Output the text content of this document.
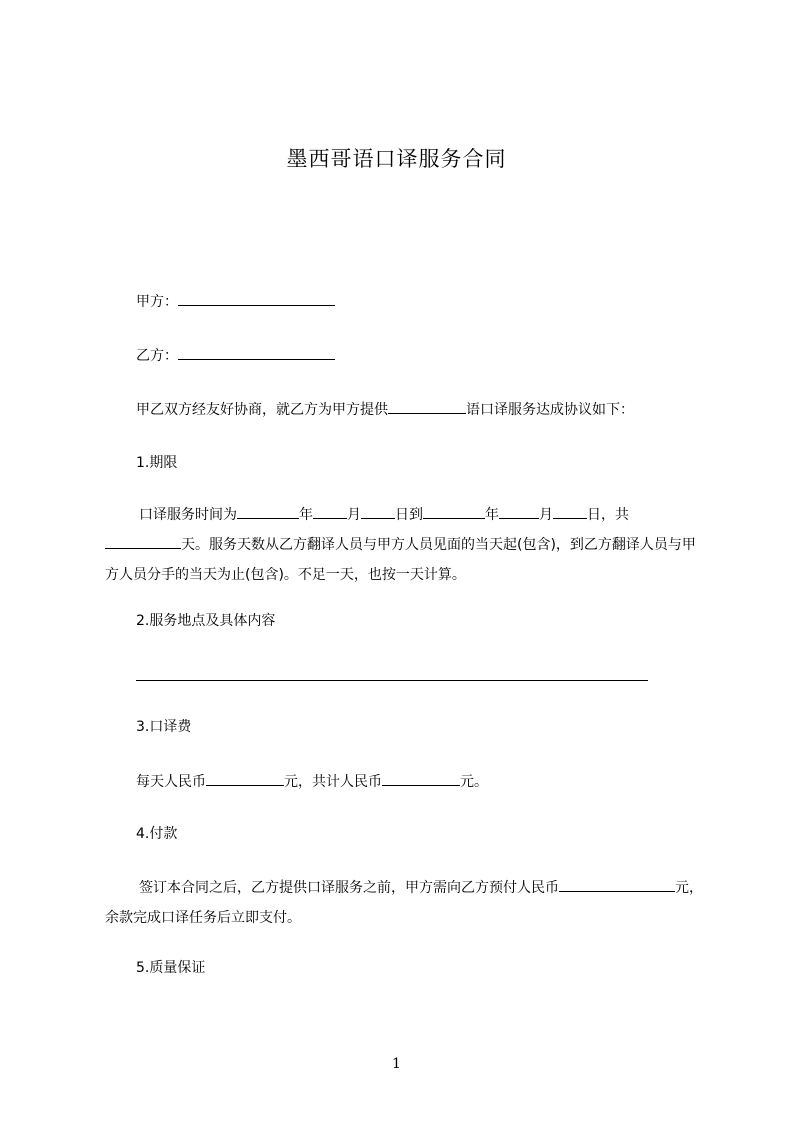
墨西哥语口译服务合同
甲方：
乙方：
甲乙双方经友好协商，就乙方为甲方提供	语口译服务达成协议如下：
1.期限
口译服务时间为	年 月 日到	年	月 日，共天。服务天数从乙方翻译人员与甲方人员见面的当天起(包含)，到乙方翻译人员与甲方人员分手的当天为止(包含)。不足一天，也按一天计算。
2.服务地点及具体内容
3.口译费
每天人民币	元，共计人民币	元。
4.付款
签订本合同之后，乙方提供口译服务之前，甲方需向乙方预付人民币	元，余款完成口译任务后立即支付。
5.质量保证
1
